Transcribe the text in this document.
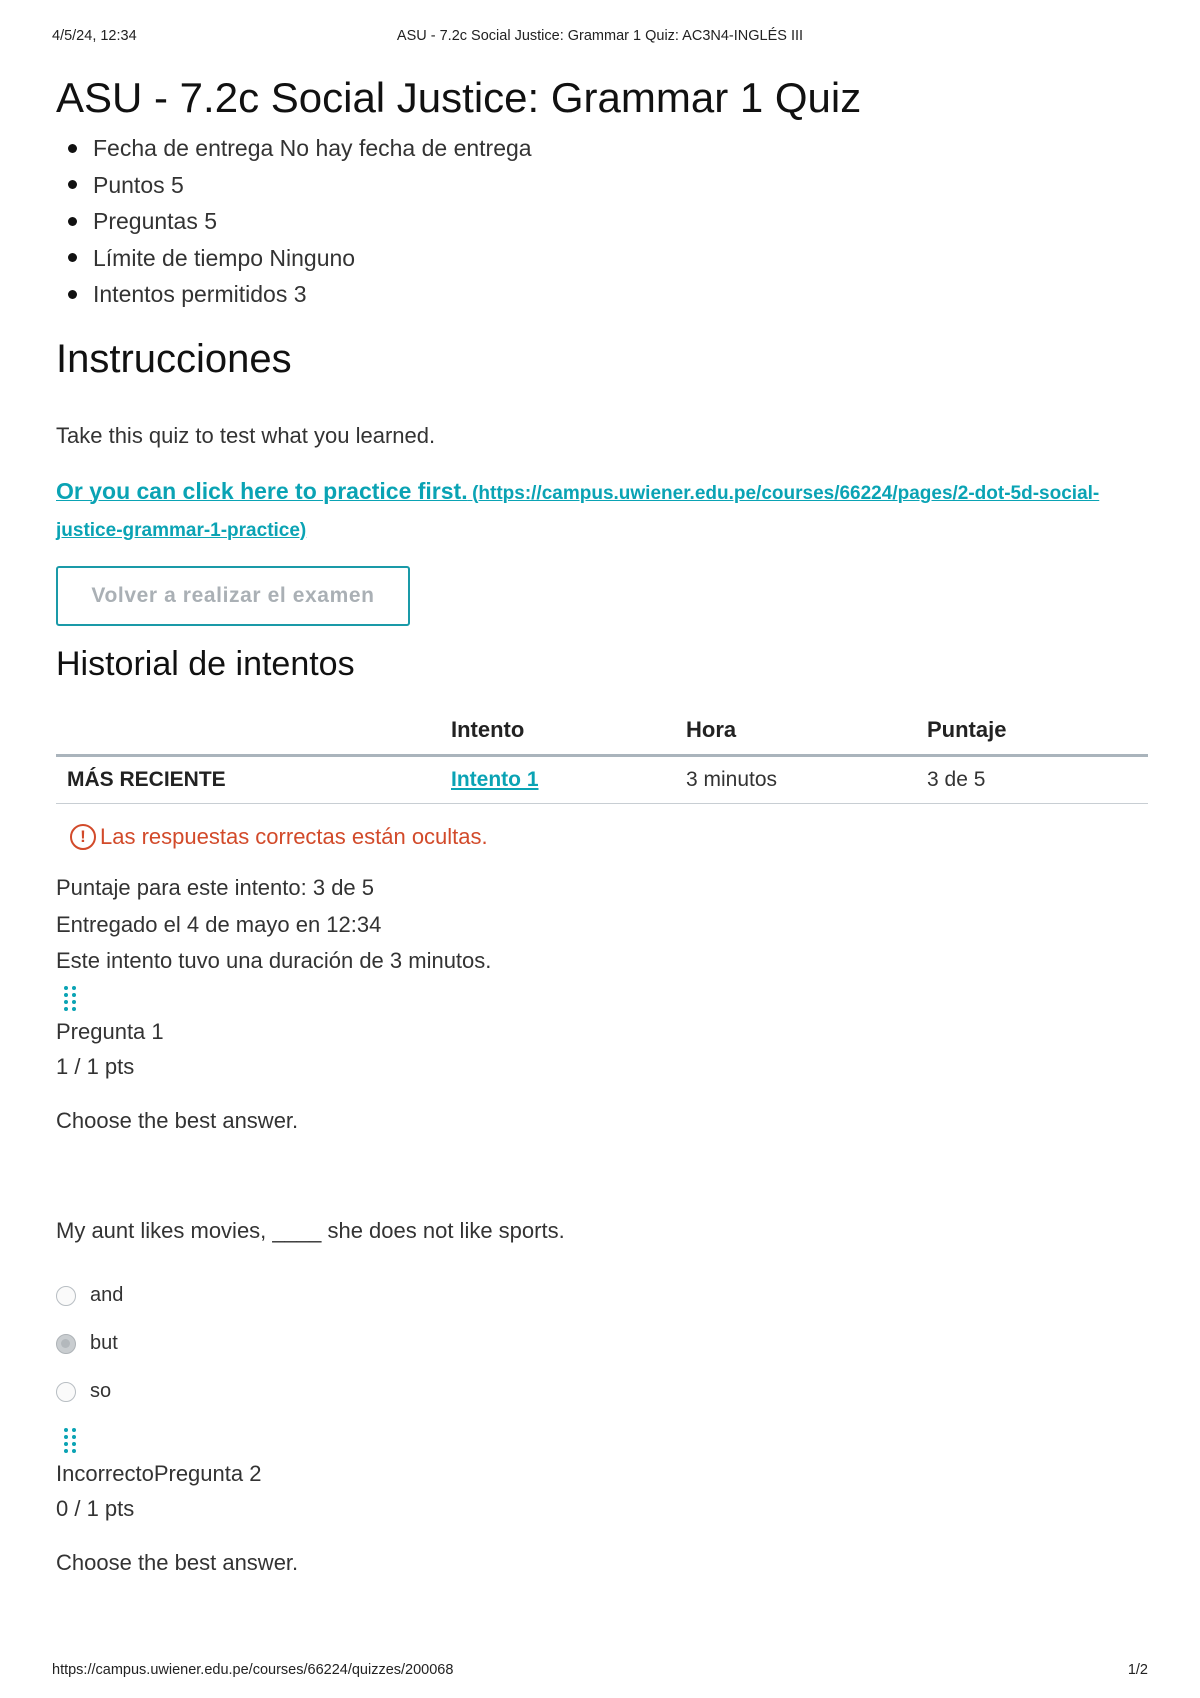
4/5/24, 12:34	ASU - 7.2c Social Justice: Grammar 1 Quiz: AC3N4-INGLÉS III
ASU - 7.2c Social Justice: Grammar 1 Quiz
Fecha de entrega No hay fecha de entrega
Puntos 5
Preguntas 5
Límite de tiempo Ninguno
Intentos permitidos 3
Instrucciones

Take this quiz to test what you learned.

Or you can click here to practice first. (https://campus.uwiener.edu.pe/courses/66224/pages/2-dot-5d-social-justice-grammar-1-practice)
Volver a realizar el examen
Historial de intentos
	Intento	Hora	Puntaje
MÁS RECIENTE	Intento 1	3 minutos	3 de 5
! Las respuestas correctas están ocultas.

Puntaje para este intento: 3 de 5

Entregado el 4 de mayo en 12:34

Este intento tuvo una duración de 3 minutos.

Pregunta 1
1 / 1 pts

Choose the best answer.

My aunt likes movies, ____ she does not like sports.

and
but
so
IncorrectoPregunta 2
0 / 1 pts

Choose the best answer.

https://campus.uwiener.edu.pe/courses/66224/quizzes/200068	1/2
